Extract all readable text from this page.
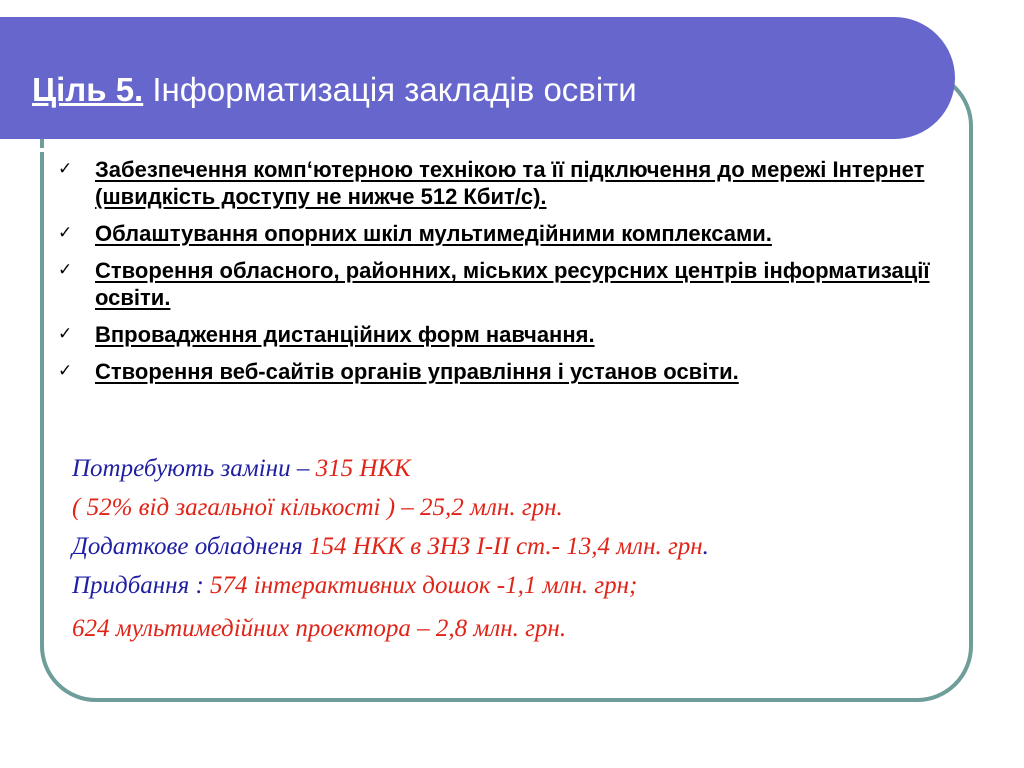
Ціль 5. Інформатизація закладів освіти
✓ Забезпечення комп‘ютерною технікою та її підключення до мережі Інтернет (швидкість доступу не нижче 512 Кбит/с).
✓ Облаштування опорних шкіл мультимедійними комплексами.
✓ Створення обласного, районних, міських ресурсних центрів інформатизації освіти.
✓ Впровадження дистанційних форм навчання.
✓ Створення веб-сайтів органів управління і установ освіти.

Потребують заміни – 315 НКК

( 52% від загальної кількості ) – 25,2 млн. грн.

Додаткове обладненя 154 НКК в ЗНЗ І-ІІ ст.- 13,4 млн. грн.

Придбання : 574 інтерактивних дошок -1,1 млн. грн;

624 мультимедійних проектора – 2,8 млн. грн.
